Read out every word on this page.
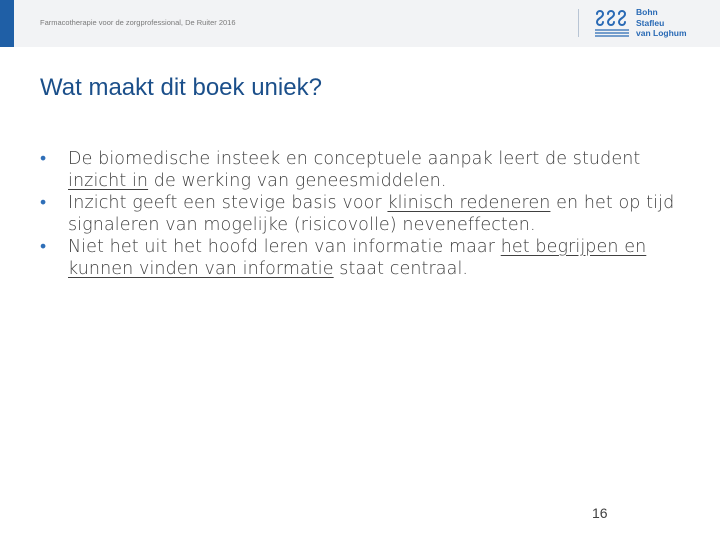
Farmacotherapie voor de zorgprofessional, De Ruiter 2016
Bohn
Stafleu
van Loghum
Wat maakt dit boek uniek?
• De biomedische insteek en conceptuele aanpak leert de student inzicht in de werking van geneesmiddelen.
• Inzicht geeft een stevige basis voor klinisch redeneren en het op tijd signaleren van mogelijke (risicovolle) neveneffecten.
• Niet het uit het hoofd leren van informatie maar het begrijpen en kunnen vinden van informatie staat centraal.
16
